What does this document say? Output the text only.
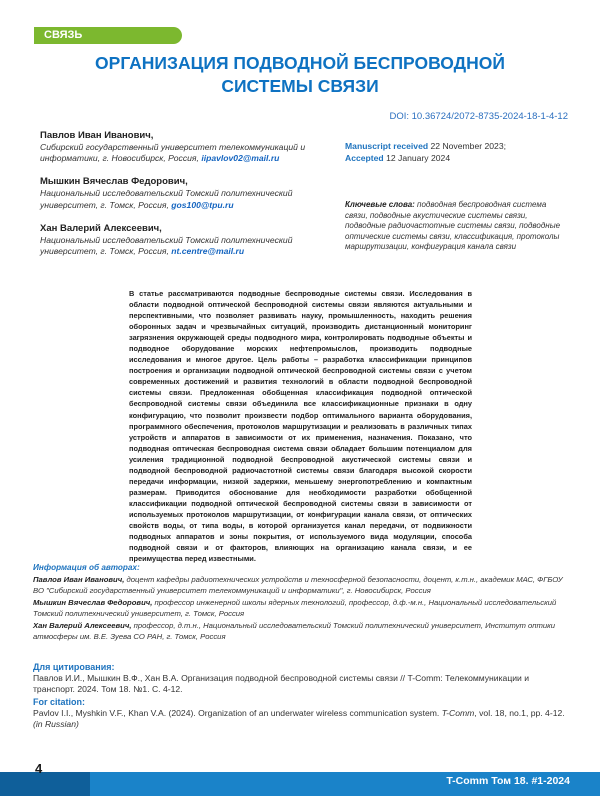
СВЯЗЬ
ОРГАНИЗАЦИЯ ПОДВОДНОЙ БЕСПРОВОДНОЙ
СИСТЕМЫ СВЯЗИ
DOI: 10.36724/2072-8735-2024-18-1-4-12
Павлов Иван Иванович,
Сибирский государственный университет телекоммуникаций и информатики, г. Новосибирск, Россия, iipavlov02@mail.ru
Мышкин Вячеслав Федорович,
Национальный исследовательский Томский политехнический университет, г. Томск, Россия, gos100@tpu.ru
Хан Валерий Алексеевич,
Национальный исследовательский Томский политехнический университет, г. Томск, Россия, nt.centre@mail.ru
Manuscript received 22 November 2023;
Accepted 12 January 2024
Ключевые слова: подводная беспроводная система связи, подводные акустические системы связи, подводные радиочастотные системы связи, подводные оптические системы связи, классификация, протоколы маршрутизации, конфигурация канала связи

В статье рассматриваются подводные беспроводные системы связи. Исследования в области подводной оптической беспроводной системы связи являются актуальными и перспективными, что позволяет развивать науку, промышленность, находить решения оборонных задач и чрезвычайных ситуаций, производить дистанционный мониторинг загрязнения окружающей среды подводного мира, контролировать подводные объекты и подводное оборудование морских нефтепромыслов, производить подводные исследования и многое другое. Цель работы – разработка классификации принципов построения и организации подводной оптической беспроводной системы связи с учетом современных достижений и развития технологий в области подводной беспроводной системы связи. Предложенная обобщенная классификация подводной оптической беспроводной системы связи объединила все классификационные признаки в одну конфигурацию, что позволит произвести подбор оптимального варианта оборудования, программного обеспечения, протоколов маршрутизации и реализовать в различных типах устройств и аппаратов в зависимости от их применения, назначения. Показано, что подводная оптическая беспроводная система связи обладает большим потенциалом для усиления традиционной подводной беспроводной акустической системы связи и подводной беспроводной радиочастотной системы связи благодаря высокой скорости передачи информации, низкой задержки, меньшему энергопотреблению и компактным размерам. Приводится обоснование для необходимости разработки обобщенной классификации подводной оптической беспроводной системы связи в зависимости от используемых протоколов маршрутизации, от конфигурации канала связи, от оптических свойств воды, от типа воды, в которой организуется канал передачи, от подвижности подводных аппаратов и зоны покрытия, от используемого вида модуляции, способа подводной связи и от факторов, влияющих на организацию канала связи, и ее преимущества перед известными.

Информация об авторах:

Павлов Иван Иванович, доцент кафедры радиотехнических устройств и техносферной безопасности, доцент, к.т.н., академик МАС, ФГБОУ ВО "Сибирский государственный университет телекоммуникаций и информатики", г. Новосибирск, Россия

Мышкин Вячеслав Федорович, профессор инженерной школы ядерных технологий, профессор, д.ф.-м.н., Национальный исследовательский Томский политехнический университет, г. Томск, Россия

Хан Валерий Алексеевич, профессор, д.т.н., Национальный исследовательский Томский политехнический университет, Институт оптики атмосферы им. В.Е. Зуева СО РАН, г. Томск, Россия

Для цитирования:

Павлов И.И., Мышкин В.Ф., Хан В.А. Организация подводной беспроводной системы связи // T-Comm: Телекоммуникации и транспорт. 2024. Том 18. №1. С. 4-12.

For citation:

Pavlov I.I., Myshkin V.F., Khan V.A. (2024). Organization of an underwater wireless communication system. T-Comm, vol. 18, no.1, pp. 4-12.
(in Russian)

4
T-Comm Том 18. #1-2024
